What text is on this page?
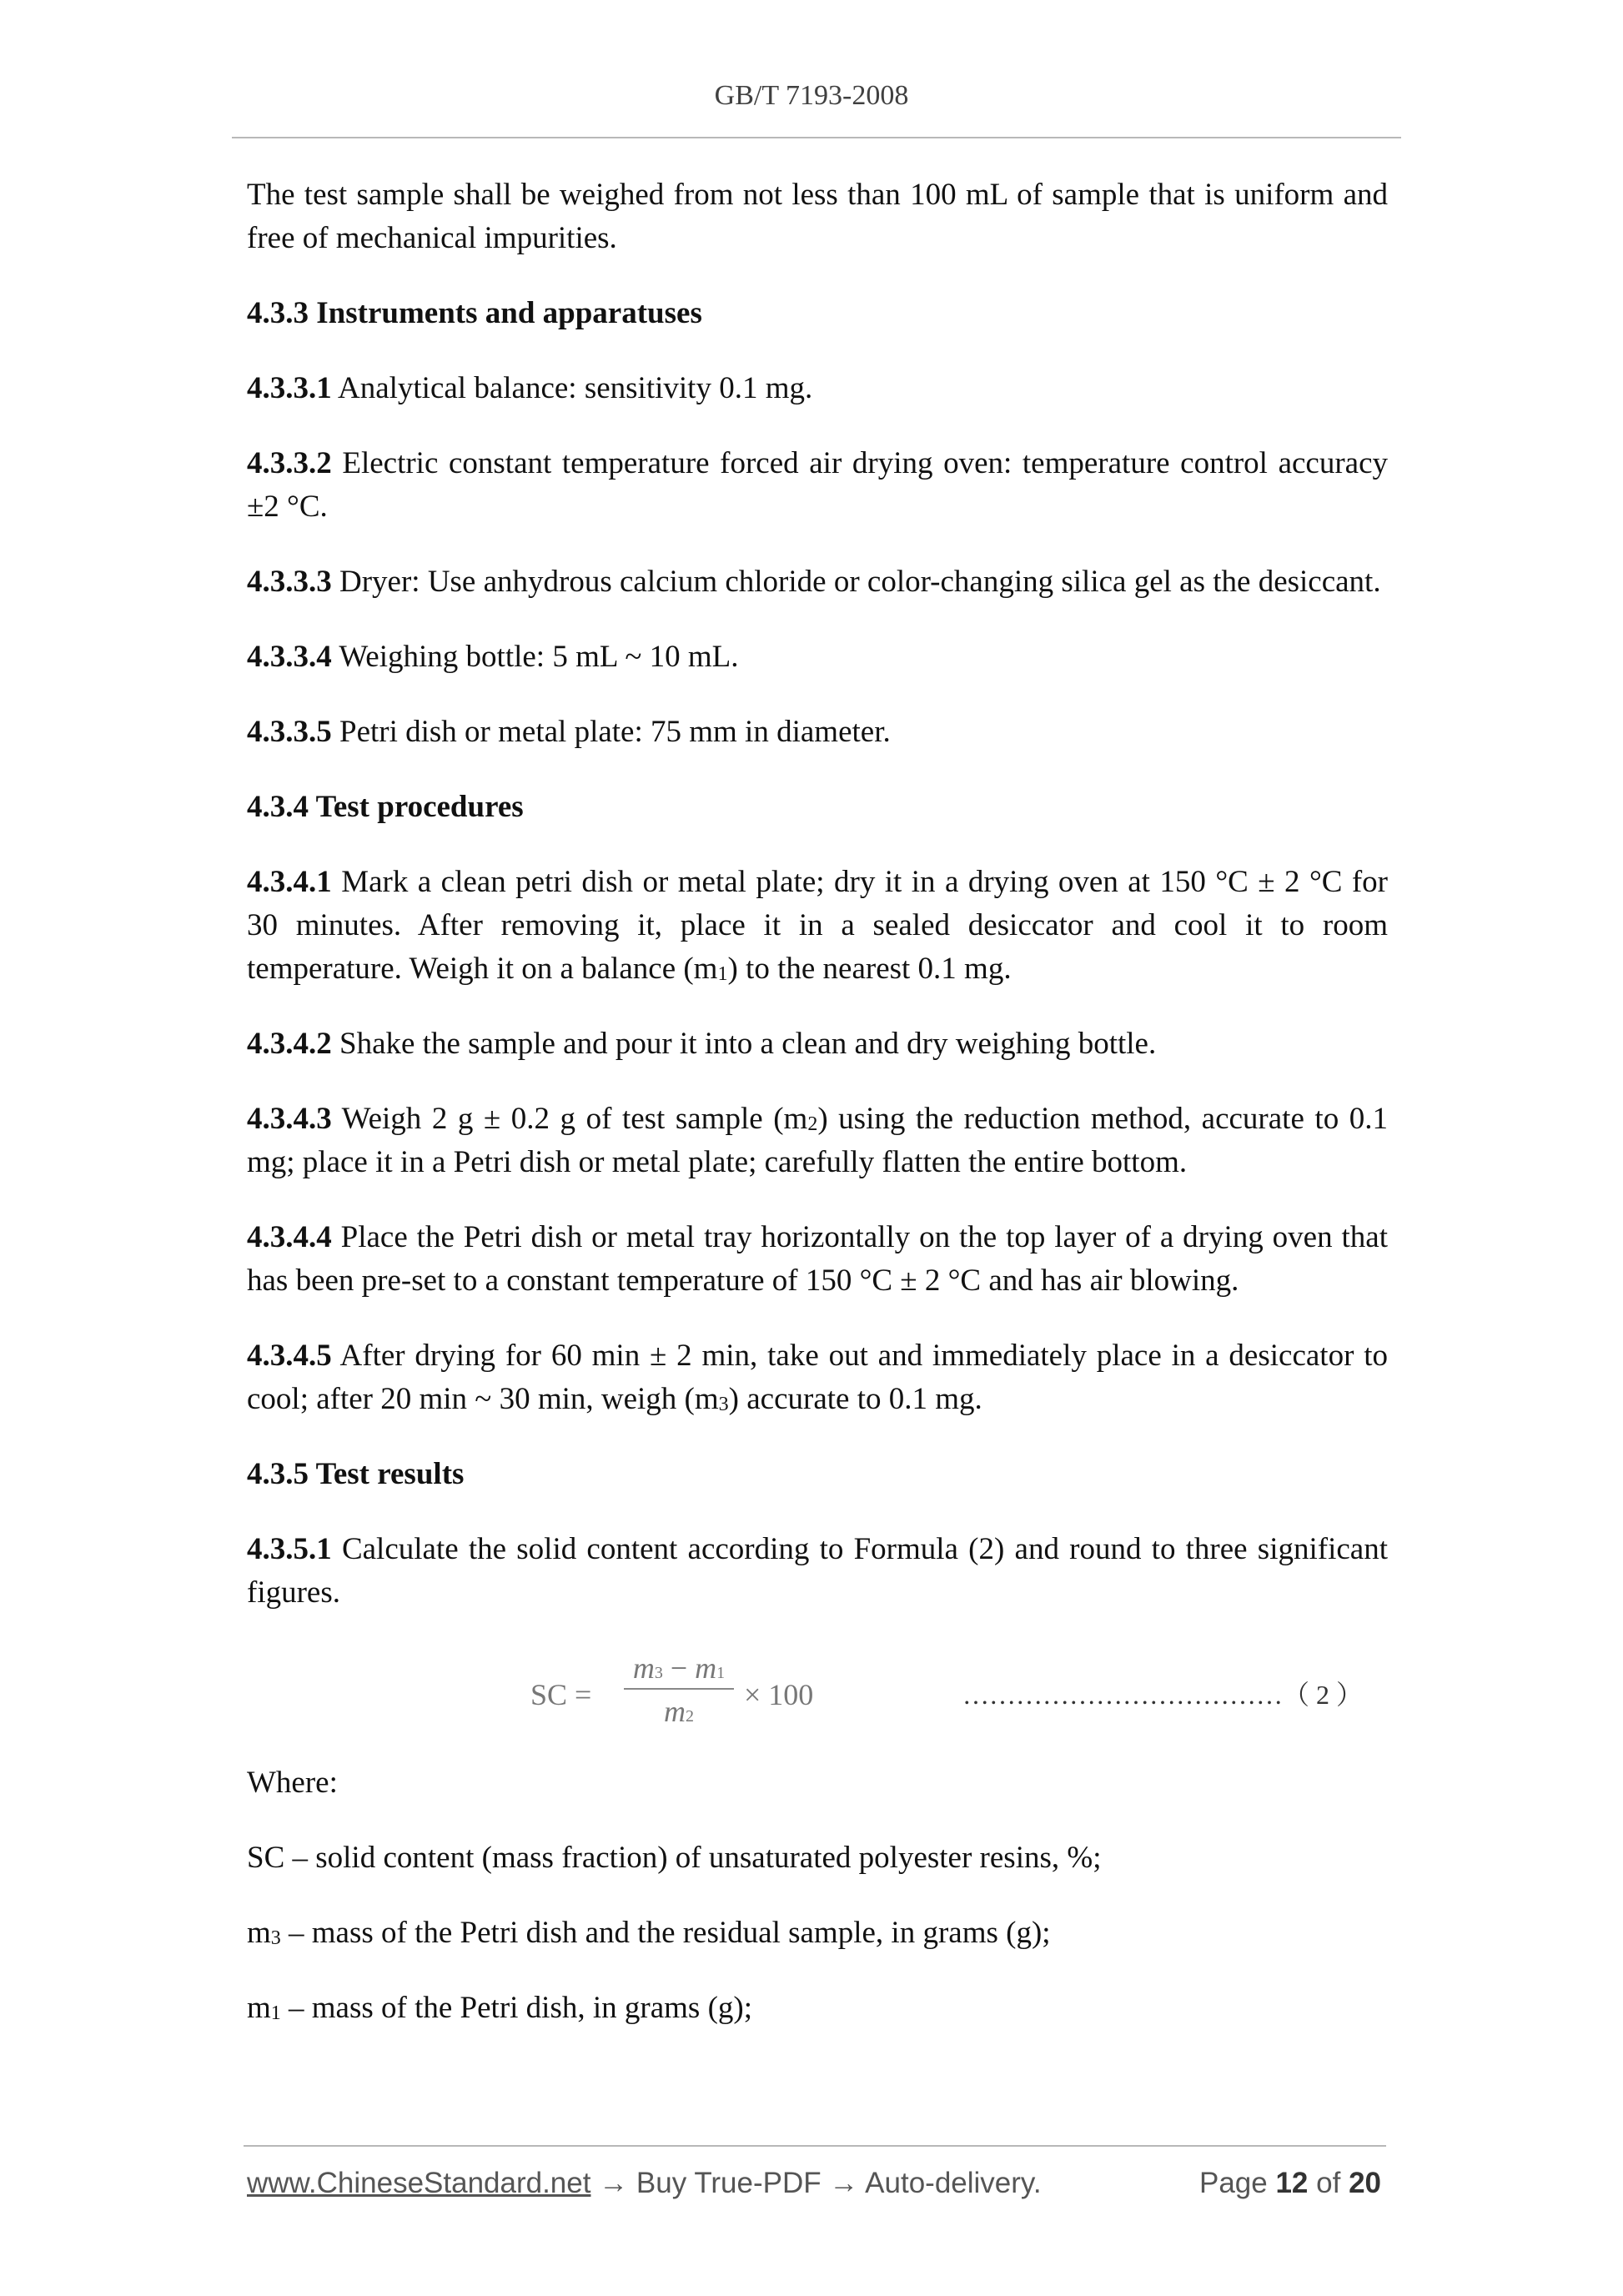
GB/T 7193-2008

The test sample shall be weighed from not less than 100 mL of sample that is uniform and free of mechanical impurities.

4.3.3 Instruments and apparatuses

4.3.3.1 Analytical balance: sensitivity 0.1 mg.

4.3.3.2 Electric constant temperature forced air drying oven: temperature control accuracy ±2 °C.

4.3.3.3 Dryer: Use anhydrous calcium chloride or color-changing silica gel as the desiccant.

4.3.3.4 Weighing bottle: 5 mL ~ 10 mL.

4.3.3.5 Petri dish or metal plate: 75 mm in diameter.

4.3.4 Test procedures

4.3.4.1 Mark a clean petri dish or metal plate; dry it in a drying oven at 150 °C ± 2 °C for 30 minutes. After removing it, place it in a sealed desiccator and cool it to room temperature. Weigh it on a balance $(m_1)$ to the nearest 0.1 mg.

4.3.4.2 Shake the sample and pour it into a clean and dry weighing bottle.

4.3.4.3 Weigh 2 g ± 0.2 g of test sample $(m_2)$ using the reduction method, accurate to 0.1 mg; place it in a Petri dish or metal plate; carefully flatten the entire bottom.

4.3.4.4 Place the Petri dish or metal tray horizontally on the top layer of a drying oven that has been pre-set to a constant temperature of 150 °C ± 2 °C and has air blowing.

4.3.4.5 After drying for 60 min ± 2 min, take out and immediately place in a desiccator to cool; after 20 min ~ 30 min, weigh $(m_3)$ accurate to 0.1 mg.

4.3.5 Test results

4.3.5.1 Calculate the solid content according to Formula (2) and round to three significant figures.

SC =
m3 − m1
m2
× 100	………………………………（ 2 ）

Where:

SC – solid content (mass fraction) of unsaturated polyester resins, %;

$m_3$ – mass of the Petri dish and the residual sample, in grams (g);

$m_1$ – mass of the Petri dish, in grams (g);

www.ChineseStandard.net → Buy True-PDF → Auto-delivery.	Page 12 of 20
